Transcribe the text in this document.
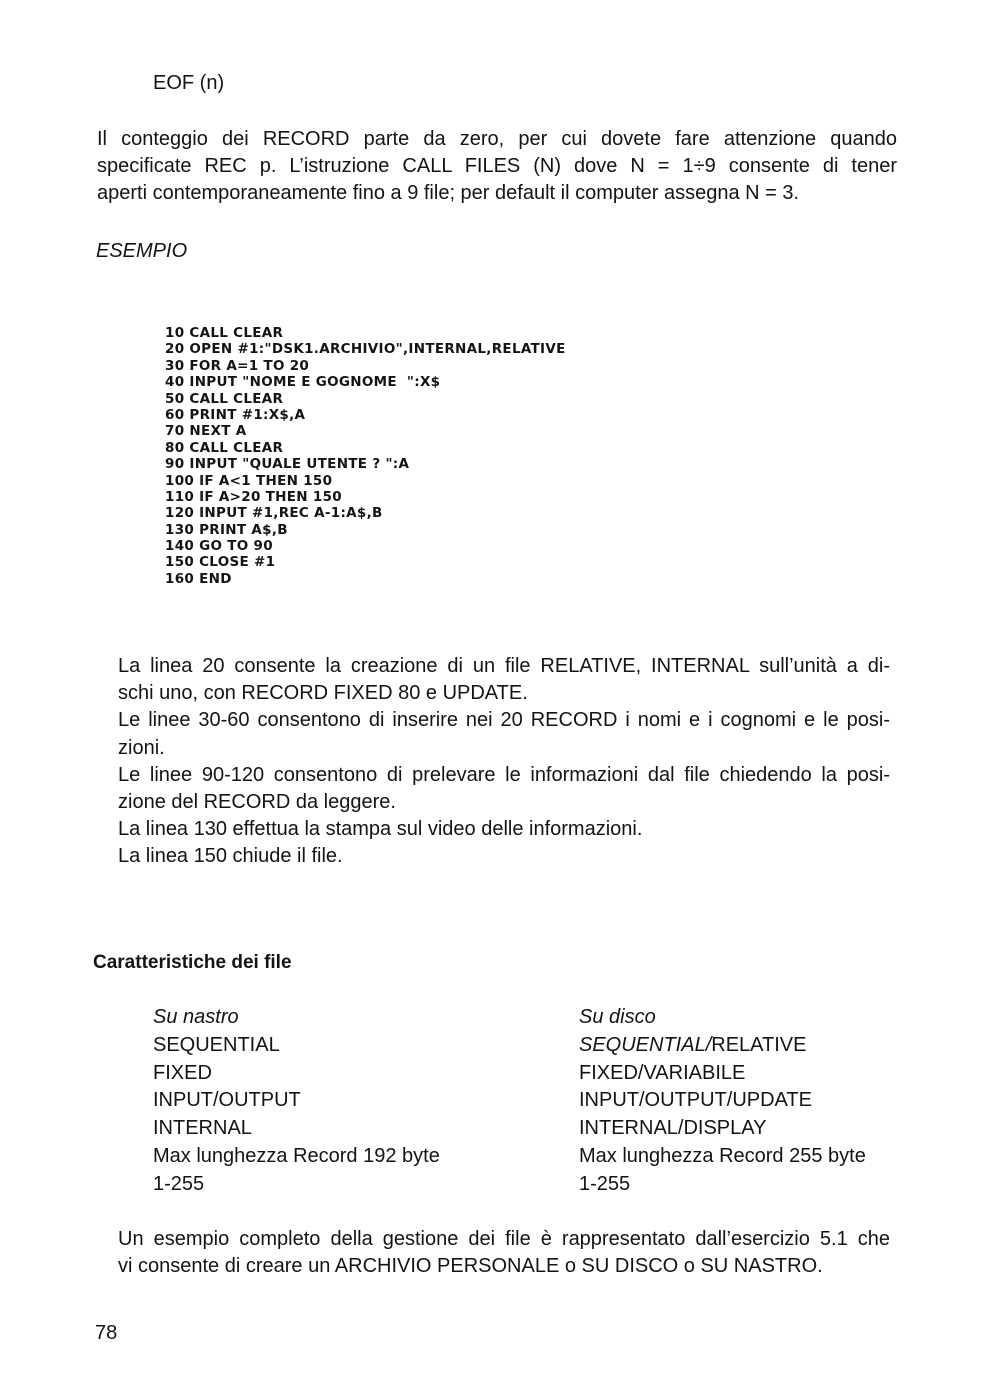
EOF (n)
Il conteggio dei RECORD parte da zero, per cui dovete fare attenzione quando
specificate REC p. L’istruzione CALL FILES (N) dove N = 1÷9 consente di tener
aperti contemporaneamente fino a 9 file; per default il computer assegna N = 3.
ESEMPIO
10 CALL CLEAR
20 OPEN #1:"DSK1.ARCHIVIO",INTERNAL,RELATIVE
30 FOR A=1 TO 20
40 INPUT "NOME E GOGNOME  ":X$
50 CALL CLEAR
60 PRINT #1:X$,A
70 NEXT A
80 CALL CLEAR
90 INPUT "QUALE UTENTE ? ":A
100 IF A<1 THEN 150
110 IF A>20 THEN 150
120 INPUT #1,REC A-1:A$,B
130 PRINT A$,B
140 GO TO 90
150 CLOSE #1
160 END

La linea 20 consente la creazione di un file RELATIVE, INTERNAL sull’unità a di-

schi uno, con RECORD FIXED 80 e UPDATE.

Le linee 30-60 consentono di inserire nei 20 RECORD i nomi e i cognomi e le posi-

zioni.

Le linee 90-120 consentono di prelevare le informazioni dal file chiedendo la posi-

zione del RECORD da leggere.

La linea 130 effettua la stampa sul video delle informazioni.

La linea 150 chiude il file.

Caratteristiche dei file
Su nastro
SEQUENTIAL
FIXED
INPUT/OUTPUT
INTERNAL
Max lunghezza Record 192 byte
1-255
Su disco
SEQUENTIAL/RELATIVE
FIXED/VARIABILE
INPUT/OUTPUT/UPDATE
INTERNAL/DISPLAY
Max lunghezza Record 255 byte
1-255
Un esempio completo della gestione dei file è rappresentato dall’esercizio 5.1 che
vi consente di creare un ARCHIVIO PERSONALE o SU DISCO o SU NASTRO.
78
